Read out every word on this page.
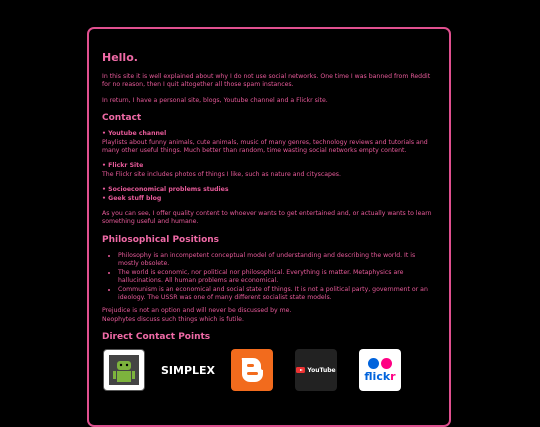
Hello.

In this site it is well explained about why I do not use social networks. One time I was banned from Reddit for no reason, then I quit altogether all those spam instances.

In return, I have a personal site, blogs, Youtube channel and a Flickr site.

Contact
• Youtube channel
Playlists about funny animals, cute animals, music of many genres, technology reviews and tutorials and many other useful things. Much better than random, time wasting social networks empty content.
• Flickr Site
The Flickr site includes photos of things I like, such as nature and cityscapes.
• Socioeconomical problems studies
• Geek stuff blog

As you can see, I offer quality content to whoever wants to get entertained and, or actually wants to learn something useful and humane.

Philosophical Positions
• Philosophy is an incompetent conceptual model of understanding and describing the world. It is mostly obsolete.
• The world is economic, nor political nor philosophical. Everything is matter. Metaphysics are hallucinations. All human problems are economical.
• Communism is an economical and social state of things. It is not a political party, government or an ideology. The USSR was one of many different socialist state models.

Prejudice is not an option and will never be discussed by me.
Neophytes discuss such things which is futile.

Direct Contact Points
SIMPLEX	YouTube	flickr
